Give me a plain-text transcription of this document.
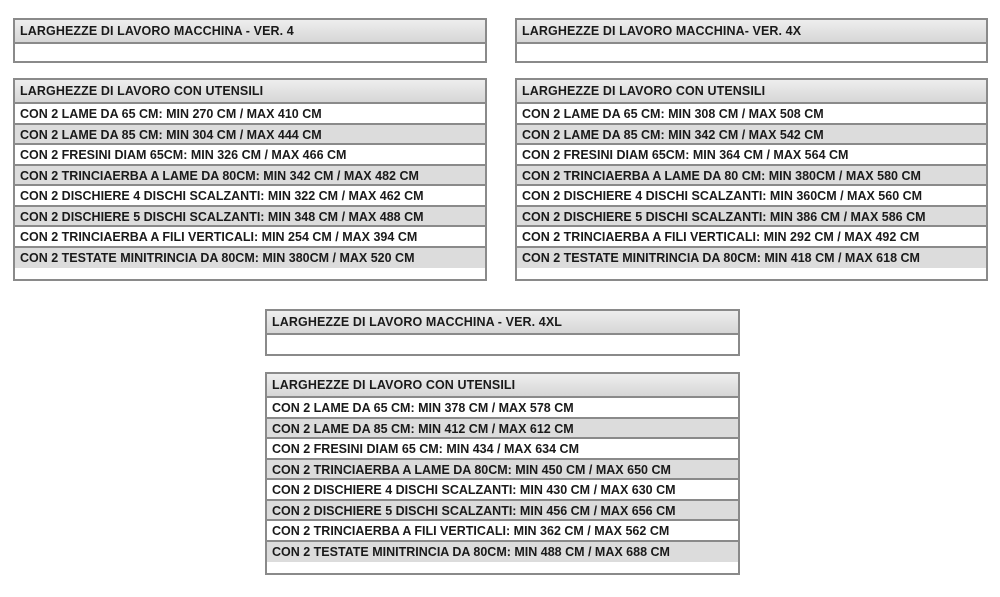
LARGHEZZE DI LAVORO MACCHINA - VER. 4	LARGHEZZE DI LAVORO MACCHINA- VER. 4X
LARGHEZZE DI LAVORO MACCHINA - VER. 4XL
LARGHEZZE DI LAVORO CON UTENSILI
CON 2 LAME DA 65 CM: MIN 270 CM / MAX 410 CM
CON 2 LAME DA 85 CM: MIN 304 CM / MAX 444 CM
CON 2 FRESINI DIAM 65CM: MIN 326 CM / MAX 466 CM
CON 2 TRINCIAERBA A LAME DA 80CM: MIN 342 CM / MAX 482 CM
CON 2 DISCHIERE 4 DISCHI SCALZANTI: MIN 322 CM / MAX 462 CM
CON 2 DISCHIERE 5 DISCHI SCALZANTI: MIN 348 CM / MAX 488 CM
CON 2 TRINCIAERBA A FILI VERTICALI: MIN 254 CM / MAX 394 CM
CON 2 TESTATE MINITRINCIA DA 80CM: MIN 380CM / MAX 520 CM
LARGHEZZE DI LAVORO CON UTENSILI
CON 2 LAME DA 65 CM: MIN 308 CM / MAX 508 CM
CON 2 LAME DA 85 CM: MIN 342 CM / MAX 542 CM
CON 2 FRESINI DIAM 65CM: MIN 364 CM / MAX 564 CM
CON 2 TRINCIAERBA A LAME DA 80 CM: MIN 380CM / MAX 580 CM
CON 2 DISCHIERE 4 DISCHI SCALZANTI: MIN 360CM / MAX 560 CM
CON 2 DISCHIERE 5 DISCHI SCALZANTI: MIN 386 CM / MAX 586 CM
CON 2 TRINCIAERBA A FILI VERTICALI: MIN 292 CM / MAX 492 CM
CON 2 TESTATE MINITRINCIA DA 80CM: MIN 418 CM / MAX 618 CM
LARGHEZZE DI LAVORO CON UTENSILI
CON 2 LAME DA 65 CM: MIN 378 CM / MAX 578 CM
CON 2 LAME DA 85 CM: MIN 412 CM / MAX 612 CM
CON 2 FRESINI DIAM 65 CM: MIN 434 / MAX 634 CM
CON 2 TRINCIAERBA A LAME DA 80CM: MIN 450 CM / MAX 650 CM
CON 2 DISCHIERE 4 DISCHI SCALZANTI: MIN 430 CM / MAX 630 CM
CON 2 DISCHIERE 5 DISCHI SCALZANTI: MIN 456 CM / MAX 656 CM
CON 2 TRINCIAERBA A FILI VERTICALI: MIN 362 CM / MAX 562 CM
CON 2 TESTATE MINITRINCIA DA 80CM: MIN 488 CM / MAX 688 CM
